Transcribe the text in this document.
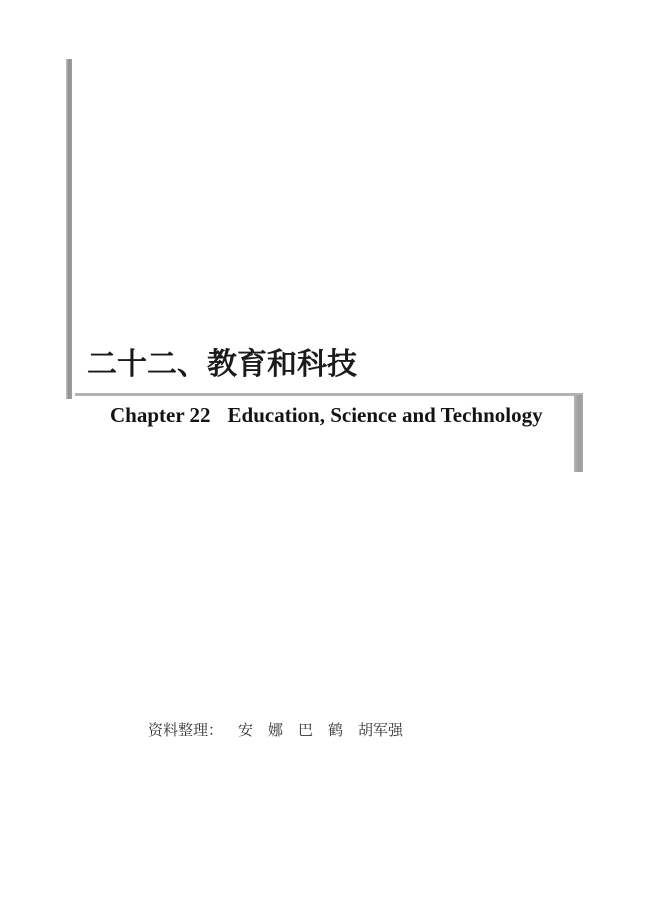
二十二、教育和科技
Chapter 22 Education, Science and Technology
资料整理： 安　娜 巴　鹤 胡军强
